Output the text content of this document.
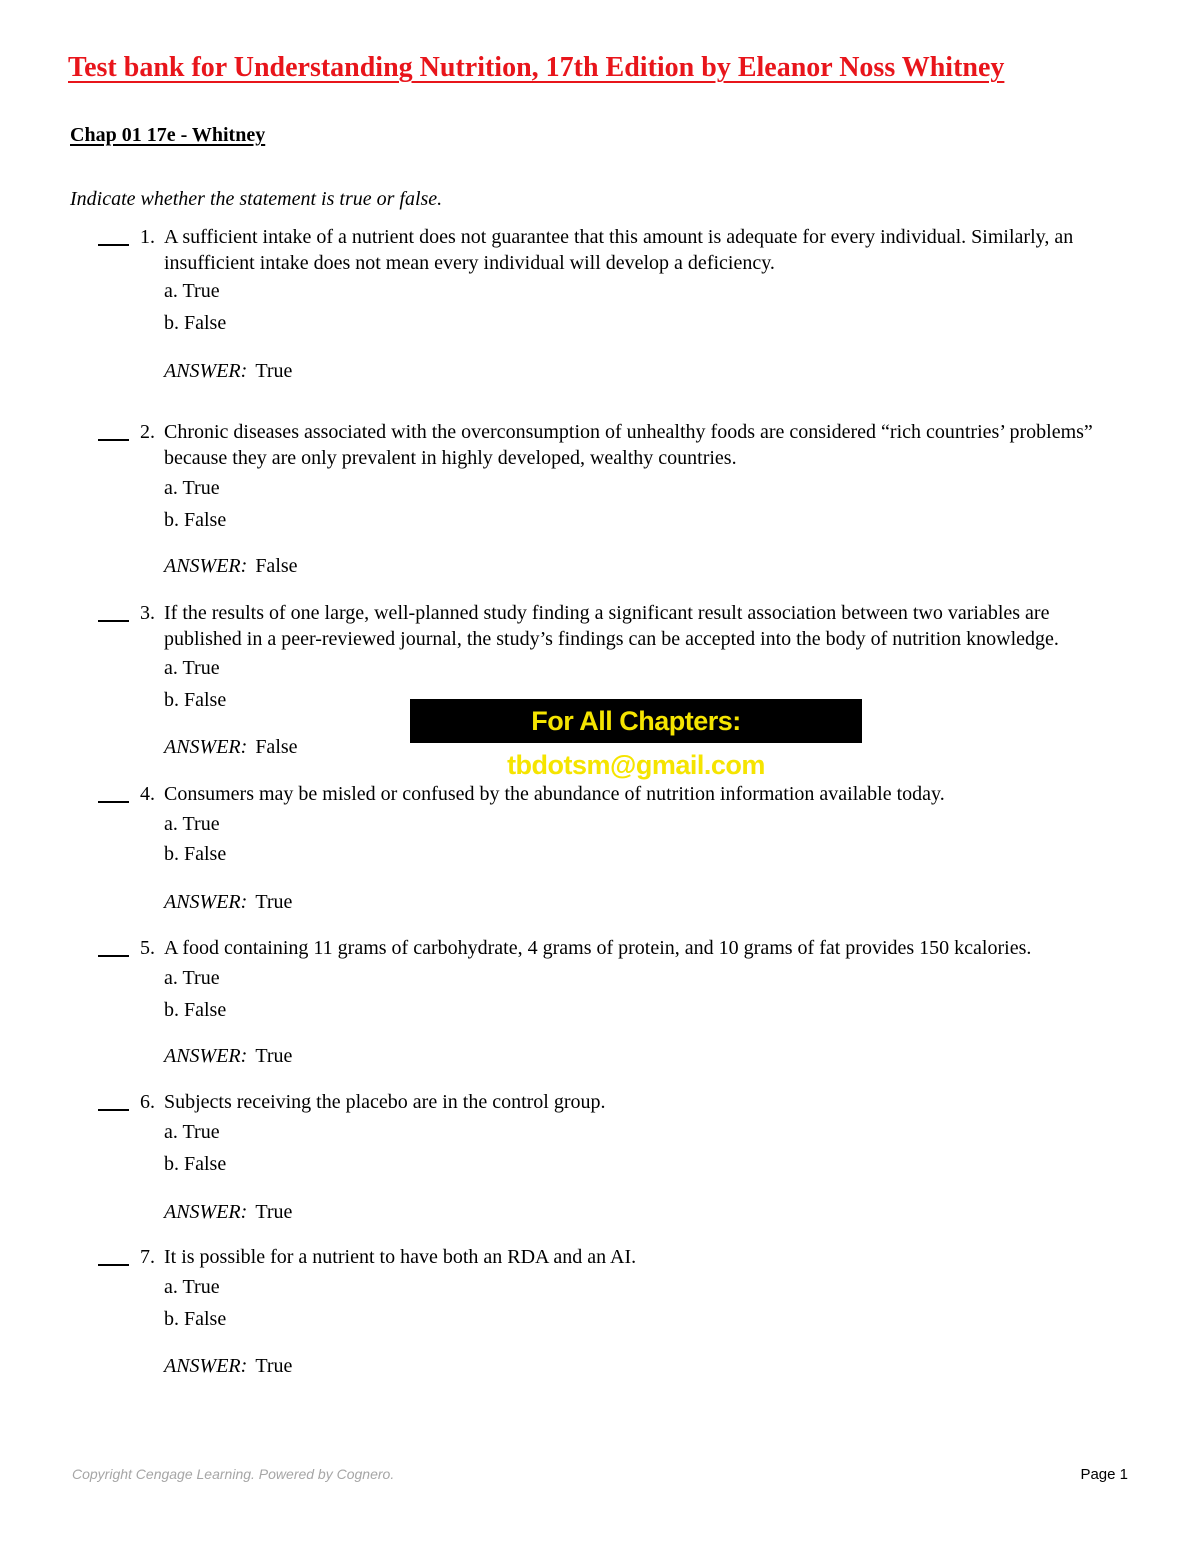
Test bank for Understanding Nutrition, 17th Edition by Eleanor Noss Whitney
Chap 01 17e - Whitney

Indicate whether the statement is true or false.

1. A sufficient intake of a nutrient does not guarantee that this amount is adequate for every individual. Similarly, an insufficient intake does not mean every individual will develop a deficiency.
a. True
b. False
ANSWER: True
2. Chronic diseases associated with the overconsumption of unhealthy foods are considered “rich countries’ problems” because they are only prevalent in highly developed, wealthy countries.
a. True
b. False
ANSWER: False
3. If the results of one large, well-planned study finding a significant result association between two variables are published in a peer-reviewed journal, the study’s findings can be accepted into the body of nutrition knowledge.
a. True
b. False
ANSWER: False
4. Consumers may be misled or confused by the abundance of nutrition information available today.
a. True
b. False
ANSWER: True
5. A food containing 11 grams of carbohydrate, 4 grams of protein, and 10 grams of fat provides 150 kcalories.
a. True
b. False
ANSWER: True
6. Subjects receiving the placebo are in the control group.
a. True
b. False
ANSWER: True
7. It is possible for a nutrient to have both an RDA and an AI.
a. True
b. False
ANSWER: True
For All Chapters: tbdotsm@gmail.com
Copyright Cengage Learning. Powered by Cognero.	Page 1
